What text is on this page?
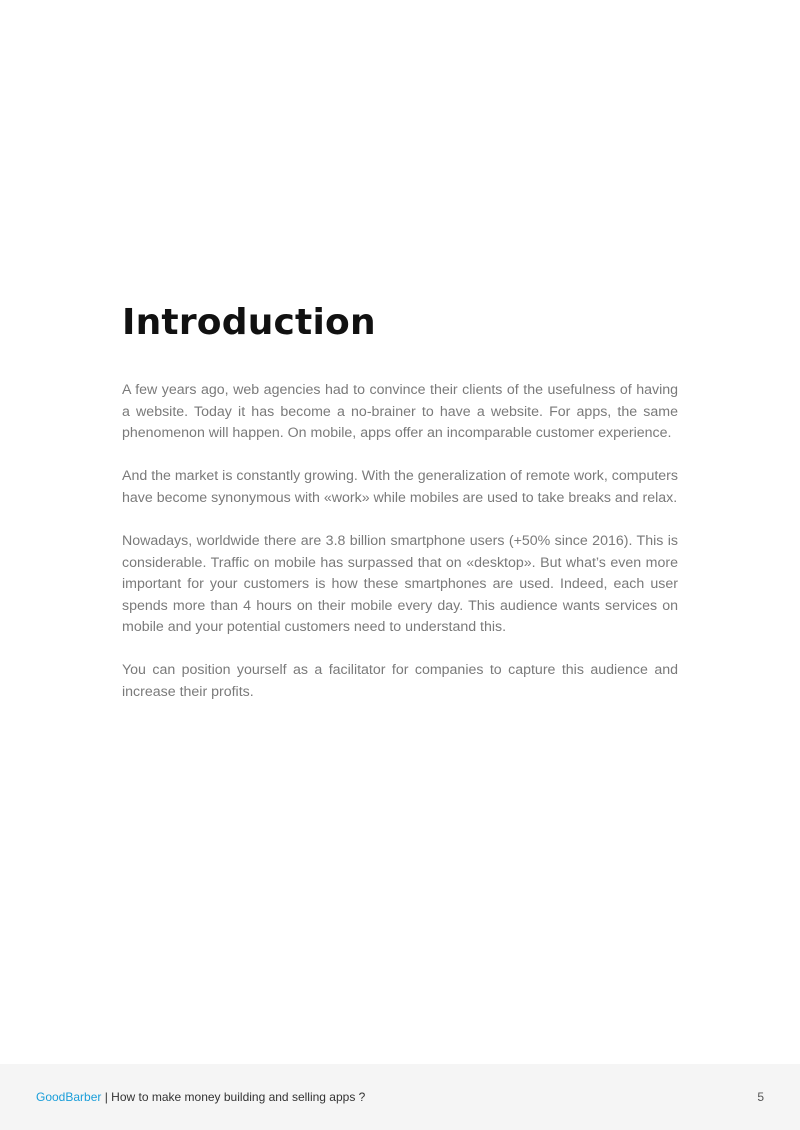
Introduction

A few years ago, web agencies had to convince their clients of the usefulness of having a website. Today it has become a no-brainer to have a website. For apps, the same phenomenon will happen. On mobile, apps offer an incomparable customer experience.

And the market is constantly growing. With the generalization of remote work, computers have become synonymous with «work» while mobiles are used to take breaks and relax.

Nowadays, worldwide there are 3.8 billion smartphone users (+50% since 2016). This is considerable. Traffic on mobile has surpassed that on «desktop». But what’s even more important for your customers is how these smartphones are used. Indeed, each user spends more than 4 hours on their mobile every day. This audience wants services on mobile and your potential customers need to understand this.

You can position yourself as a facilitator for companies to capture this audience and increase their profits.

GoodBarber | How to make money building and selling apps ?	5
